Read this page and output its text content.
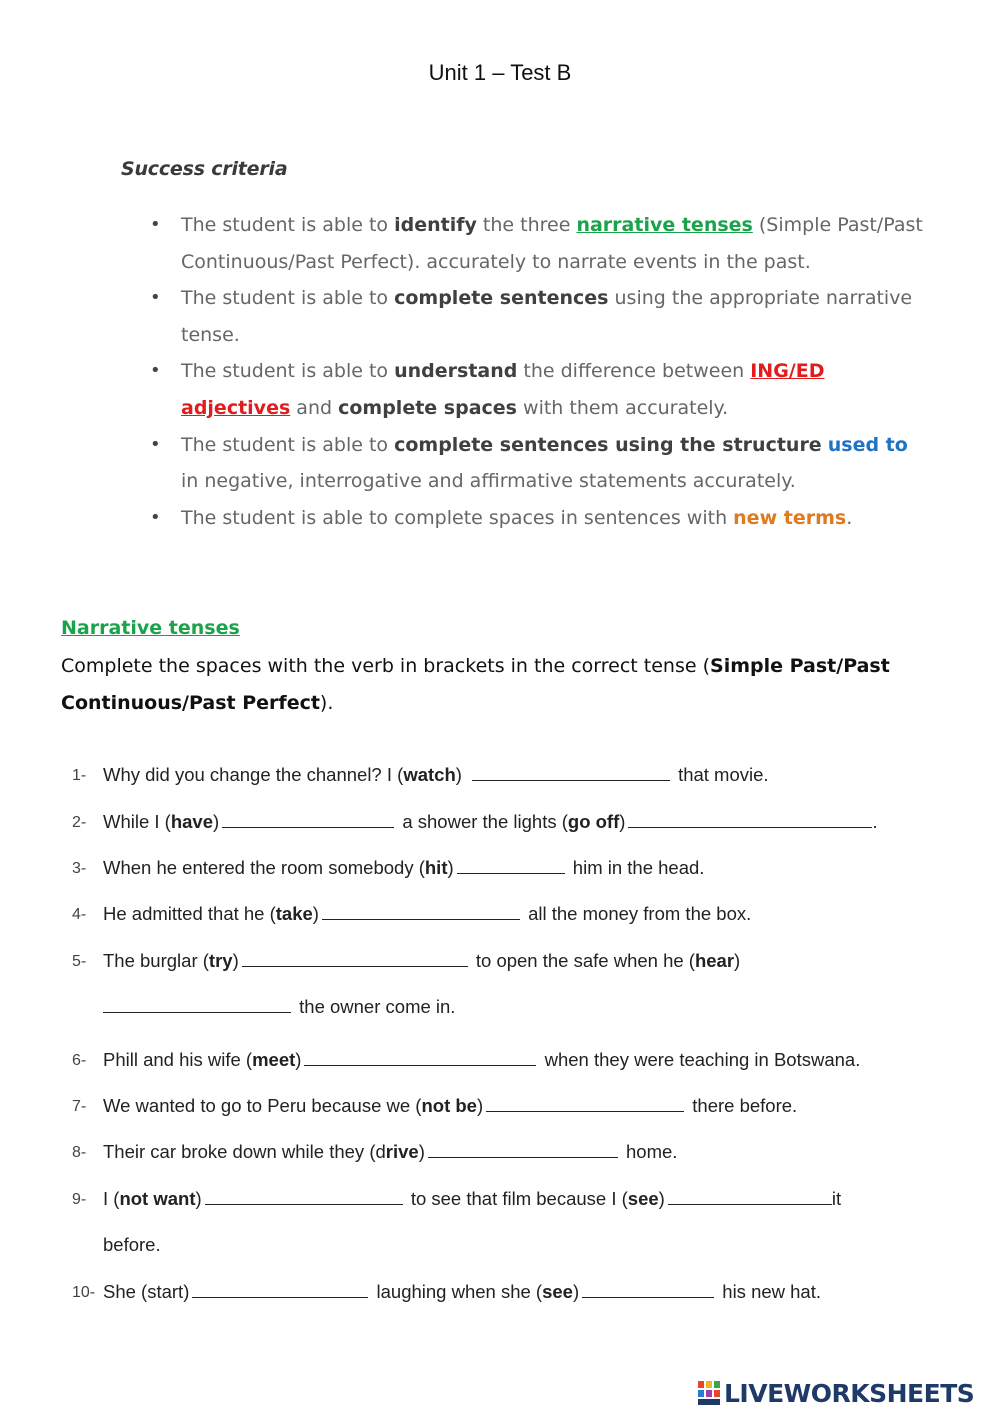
Unit 1 – Test B
Success criteria
• The student is able to identify the three narrative tenses (Simple Past/Past Continuous/Past Perfect). accurately to narrate events in the past.
• The student is able to complete sentences using the appropriate narrative tense.
• The student is able to understand the difference between ING/ED adjectives and complete spaces with them accurately.
• The student is able to complete sentences using the structure used to in negative, interrogative and affirmative statements accurately.
• The student is able to complete spaces in sentences with new terms.
Narrative tenses
Complete the spaces with the verb in brackets in the correct tense (Simple Past/Past Continuous/Past Perfect).
1- Why did you change the channel? I (watch)	that movie.
2- While I (have)	a shower the lights (go off)	.
3- When he entered the room somebody (hit)	him in the head.
4- He admitted that he (take)	all the money from the box.
5- The burglar (try)	to open the safe when he (hear)
the owner come in.
6- Phill and his wife (meet)	when they were teaching in Botswana.
7- We wanted to go to Peru because we (not be)	there before.
8- Their car broke down while they (drive)	home.
9- I (not want)	to see that film because I (see)	it
before.
10- She (start)	laughing when she (see)	his new hat.
LIVEWORKSHEETS
